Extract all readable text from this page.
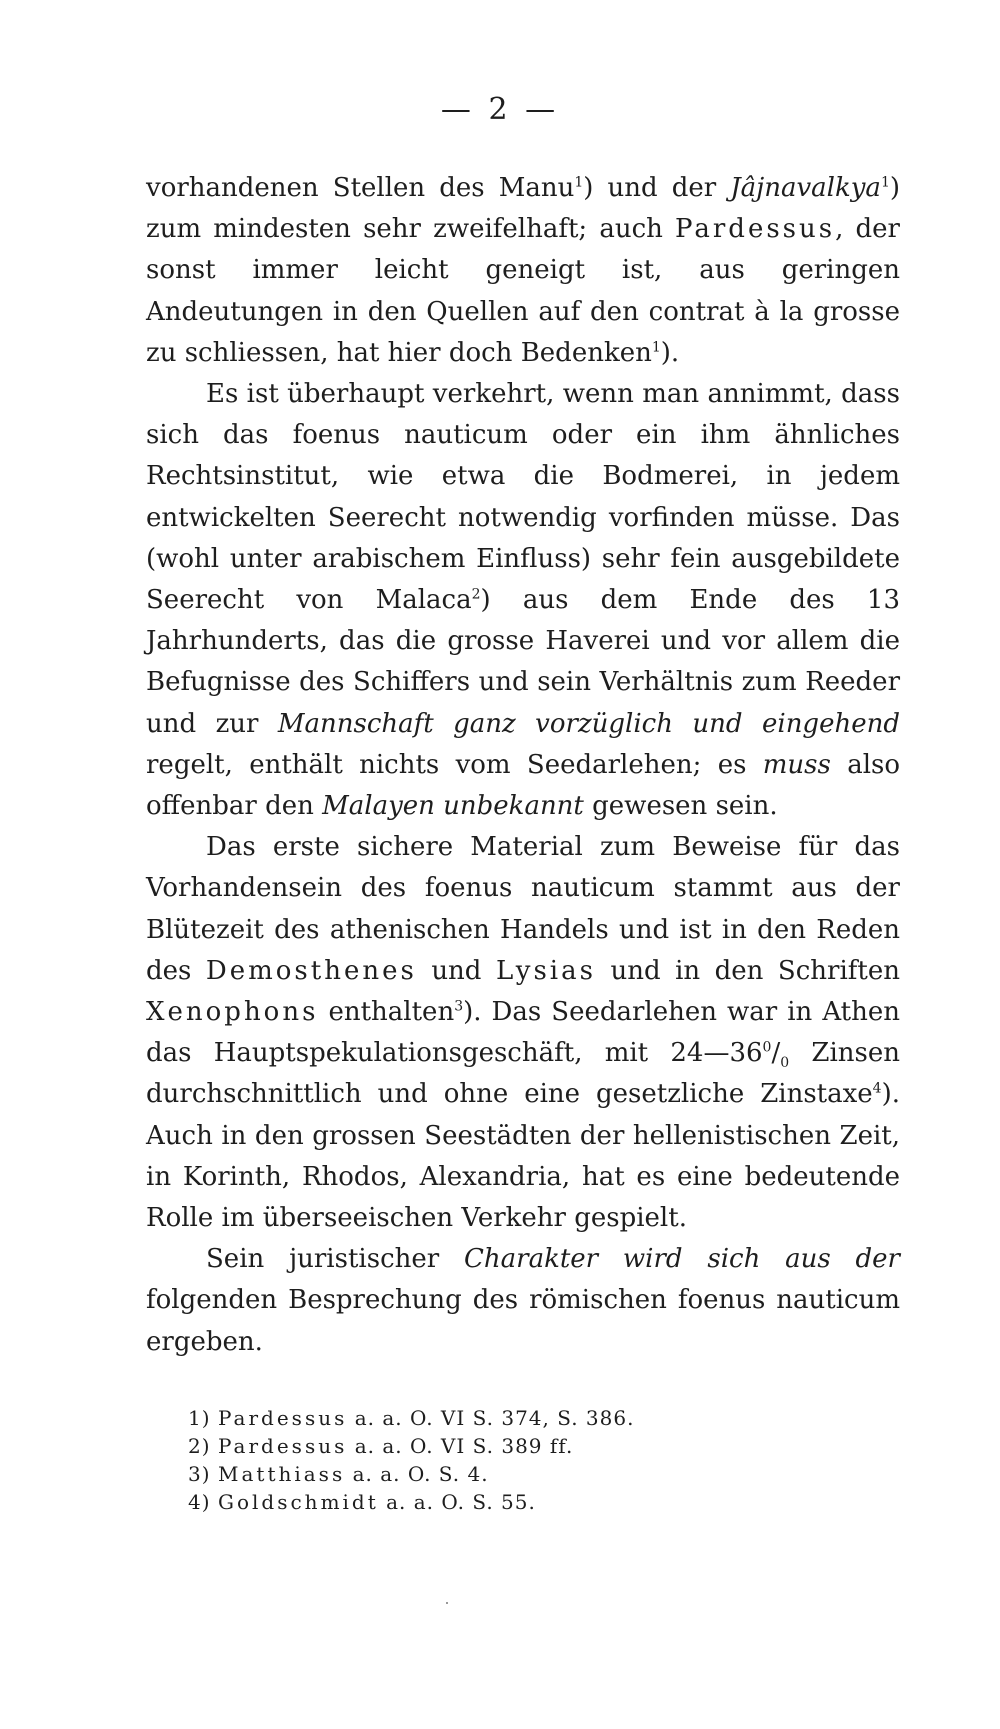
— 2 —

vorhandenen Stellen des Manu$^1$) und der Jâjnavalkya$^1$) zum mindesten sehr zweifelhaft; auch Pardessus, der sonst immer leicht geneigt ist, aus geringen Andeutungen in den Quellen auf den contrat à la grosse zu schliessen, hat hier doch Bedenken$^1$).

Es ist überhaupt verkehrt, wenn man annimmt, dass sich das foenus nauticum oder ein ihm ähnliches Rechtsinstitut, wie etwa die Bodmerei, in jedem entwickelten Seerecht notwendig vorfinden müsse. Das (wohl unter arabischem Einfluss) sehr fein ausgebildete Seerecht von Malaca$^2$) aus dem Ende des 13 Jahrhunderts, das die grosse Haverei und vor allem die Befugnisse des Schiffers und sein Verhältnis zum Reeder und zur Mannschaft ganz vorzüglich und eingehend regelt, enthält nichts vom Seedarlehen; es muss also offenbar den Malayen unbekannt gewesen sein.

Das erste sichere Material zum Beweise für das Vorhandensein des foenus nauticum stammt aus der Blütezeit des athenischen Handels und ist in den Reden des Demosthenes und Lysias und in den Schriften Xenophons enthalten$^3$). Das Seedarlehen war in Athen das Hauptspekulationsgeschäft, mit $24—36^0/_0$ Zinsen durchschnittlich und ohne eine gesetzliche Zinstaxe$^4$). Auch in den grossen Seestädten der hellenistischen Zeit, in Korinth, Rhodos, Alexandria, hat es eine bedeutende Rolle im überseeischen Verkehr gespielt.

Sein juristischer Charakter wird sich aus der folgenden Besprechung des römischen foenus nauticum ergeben.

1) Pardessus a. a. O. VI S. 374, S. 386.
2) Pardessus a. a. O. VI S. 389 ff.
3) Matthiass a. a. O. S. 4.
4) Goldschmidt a. a. O. S. 55.
